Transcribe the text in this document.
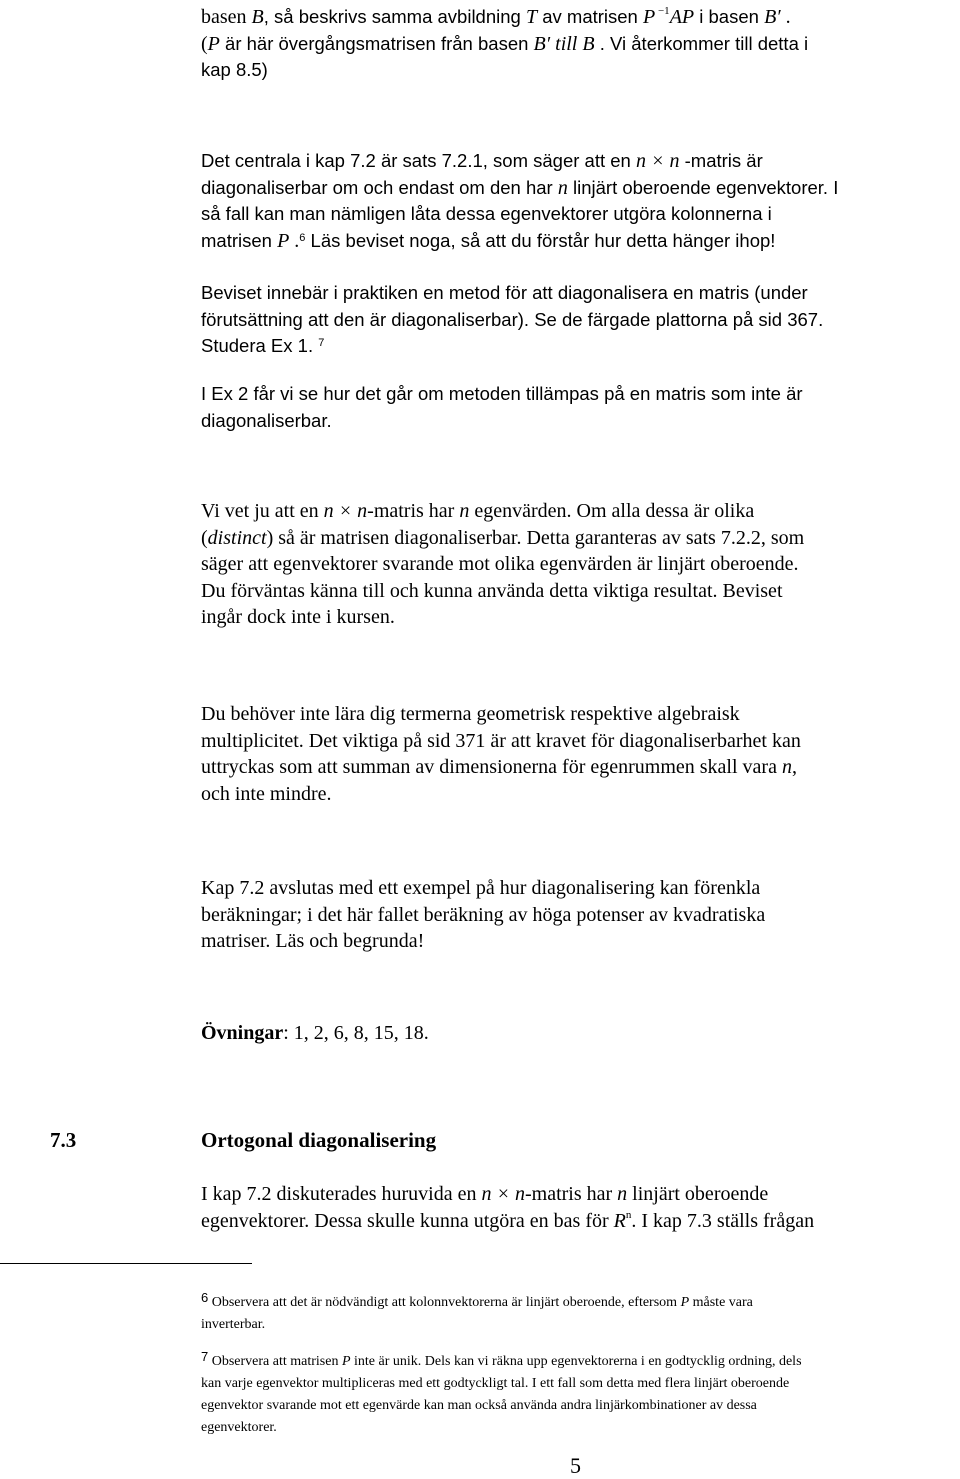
basen B, så beskrivs samma avbildning T av matrisen P $^{-1}$AP i basen B′ .
(P är här övergångsmatrisen från basen B′ till B . Vi återkommer till detta i
kap 8.5)

Det centrala i kap 7.2 är sats 7.2.1, som säger att en n × n -matris är
diagonaliserbar om och endast om den har n linjärt oberoende egenvektorer. I
så fall kan man nämligen låta dessa egenvektorer utgöra kolonnerna i
matrisen P .$^6$ Läs beviset noga, så att du förstår hur detta hänger ihop!

Beviset innebär i praktiken en metod för att diagonalisera en matris (under
förutsättning att den är diagonaliserbar). Se de färgade plattorna på sid 367.
Studera Ex 1. $^7$

I Ex 2 får vi se hur det går om metoden tillämpas på en matris som inte är
diagonaliserbar.

Vi vet ju att en n × n-matris har n egenvärden. Om alla dessa är olika
(distinct) så är matrisen diagonaliserbar. Detta garanteras av sats 7.2.2, som
säger att egenvektorer svarande mot olika egenvärden är linjärt oberoende.
Du förväntas känna till och kunna använda detta viktiga resultat. Beviset
ingår dock inte i kursen.

Du behöver inte lära dig termerna geometrisk respektive algebraisk
multiplicitet. Det viktiga på sid 371 är att kravet för diagonaliserbarhet kan
uttryckas som att summan av dimensionerna för egenrummen skall vara n,
och inte mindre.

Kap 7.2 avslutas med ett exempel på hur diagonalisering kan förenkla
beräkningar; i det här fallet beräkning av höga potenser av kvadratiska
matriser. Läs och begrunda!

Övningar: 1, 2, 6, 8, 15, 18.

7.3	Ortogonal diagonalisering

I kap 7.2 diskuterades huruvida en n × n-matris har n linjärt oberoende
egenvektorer. Dessa skulle kunna utgöra en bas för $R^n$. I kap 7.3 ställs frågan

6 Observera att det är nödvändigt att kolonnvektorerna är linjärt oberoende, eftersom P måste vara
inverterbar.

7 Observera att matrisen P inte är unik. Dels kan vi räkna upp egenvektorerna i en godtycklig ordning, dels
kan varje egenvektor multipliceras med ett godtyckligt tal. I ett fall som detta med flera linjärt oberoende
egenvektor svarande mot ett egenvärde kan man också använda andra linjärkombinationer av dessa
egenvektorer.

5
